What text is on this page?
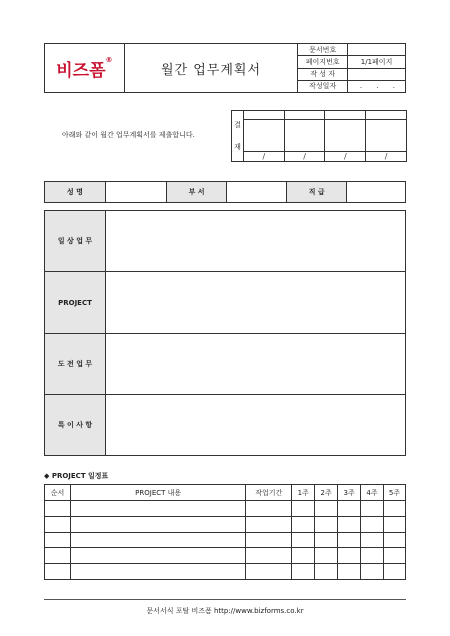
비즈폼®	월간 업무계획서	문서번호	
		페이지번호	1/1페이지
		작 성 자	
		작성일자	. . .
아래와 같이 월간 업무계획서를 제출합니다.
결
재				

	/	/	/	/
성 명		부 서		직 급	
일 상 업 무	
PROJECT	
도 전 업 무	
특 이 사 항	
◆ PROJECT 일정표
순서	PROJECT 내용	작업기간	1주	2주	3주	4주	5주

문서서식 포탈 비즈폼 http://www.bizforms.co.kr
